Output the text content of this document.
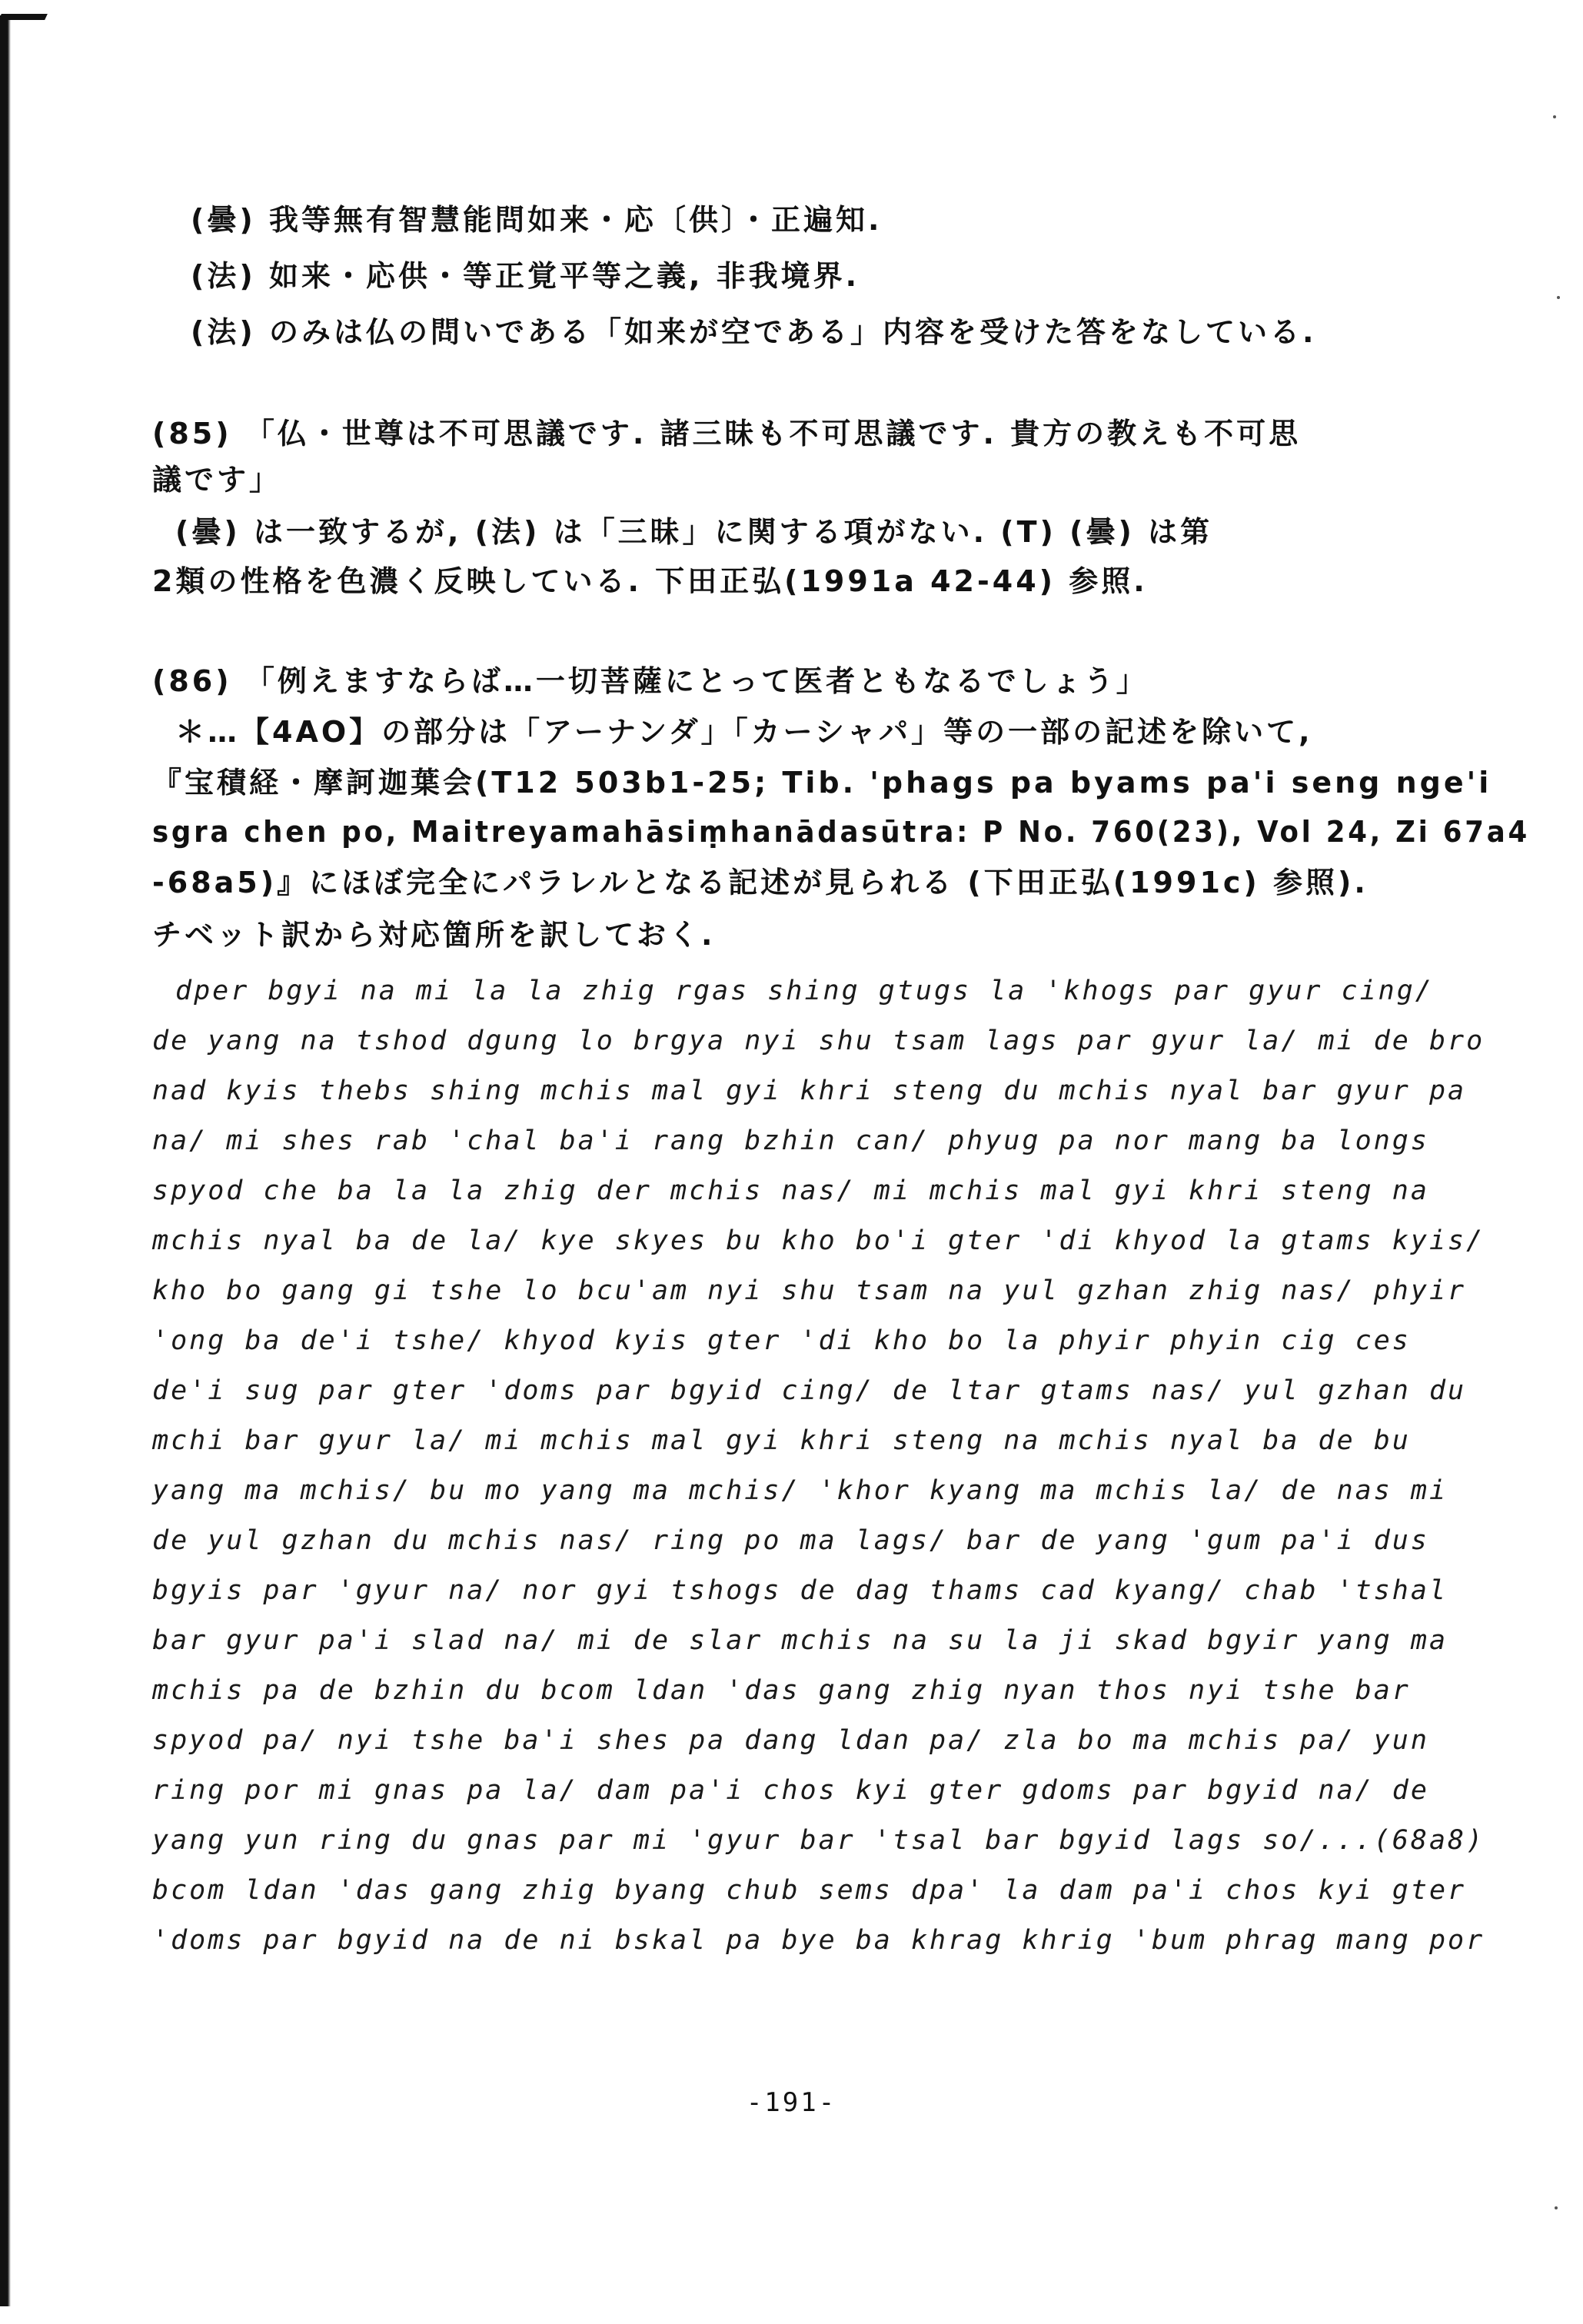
(曇) 我等無有智慧能問如来・応〔供〕・正遍知.
(法) 如来・応供・等正覚平等之義, 非我境界.
(法) のみは仏の問いである「如来が空である」内容を受けた答をなしている.
(85) 「仏・世尊は不可思議です. 諸三昧も不可思議です. 貴方の教えも不可思
議です」
(曇) は一致するが, (法) は「三昧」に関する項がない. (T) (曇) は第
2類の性格を色濃く反映している. 下田正弘(1991a 42-44) 参照.
(86) 「例えますならば…一切菩薩にとって医者ともなるでしょう」
＊…【4AO】の部分は「アーナンダ」「カーシャパ」等の一部の記述を除いて,
『宝積経・摩訶迦葉会(T12 503b1-25; Tib. 'phags pa byams pa'i seng nge'i
sgra chen po, Maitreyamahāsiṃhanādasūtra: P No. 760(23), Vol 24, Zi 67a4
-68a5)』にほぼ完全にパラレルとなる記述が見られる (下田正弘(1991c) 参照).
チベット訳から対応箇所を訳しておく.
dper bgyi na mi la la zhig rgas shing gtugs la 'khogs par gyur cing/
de yang na tshod dgung lo brgya nyi shu tsam lags par gyur la/ mi de bro
nad kyis thebs shing mchis mal gyi khri steng du mchis nyal bar gyur pa
na/ mi shes rab 'chal ba'i rang bzhin can/ phyug pa nor mang ba longs
spyod che ba la la zhig der mchis nas/ mi mchis mal gyi khri steng na
mchis nyal ba de la/ kye skyes bu kho bo'i gter 'di khyod la gtams kyis/
kho bo gang gi tshe lo bcu'am nyi shu tsam na yul gzhan zhig nas/ phyir
'ong ba de'i tshe/ khyod kyis gter 'di kho bo la phyir phyin cig ces
de'i sug par gter 'doms par bgyid cing/ de ltar gtams nas/ yul gzhan du
mchi bar gyur la/ mi mchis mal gyi khri steng na mchis nyal ba de bu
yang ma mchis/ bu mo yang ma mchis/ 'khor kyang ma mchis la/ de nas mi
de yul gzhan du mchis nas/ ring po ma lags/ bar de yang 'gum pa'i dus
bgyis par 'gyur na/ nor gyi tshogs de dag thams cad kyang/ chab 'tshal
bar gyur pa'i slad na/ mi de slar mchis na su la ji skad bgyir yang ma
mchis pa de bzhin du bcom ldan 'das gang zhig nyan thos nyi tshe bar
spyod pa/ nyi tshe ba'i shes pa dang ldan pa/ zla bo ma mchis pa/ yun
ring por mi gnas pa la/ dam pa'i chos kyi gter gdoms par bgyid na/ de
yang yun ring du gnas par mi 'gyur bar 'tsal bar bgyid lags so/...(68a8)
bcom ldan 'das gang zhig byang chub sems dpa' la dam pa'i chos kyi gter
'doms par bgyid na de ni bskal pa bye ba khrag khrig 'bum phrag mang por
-191-
